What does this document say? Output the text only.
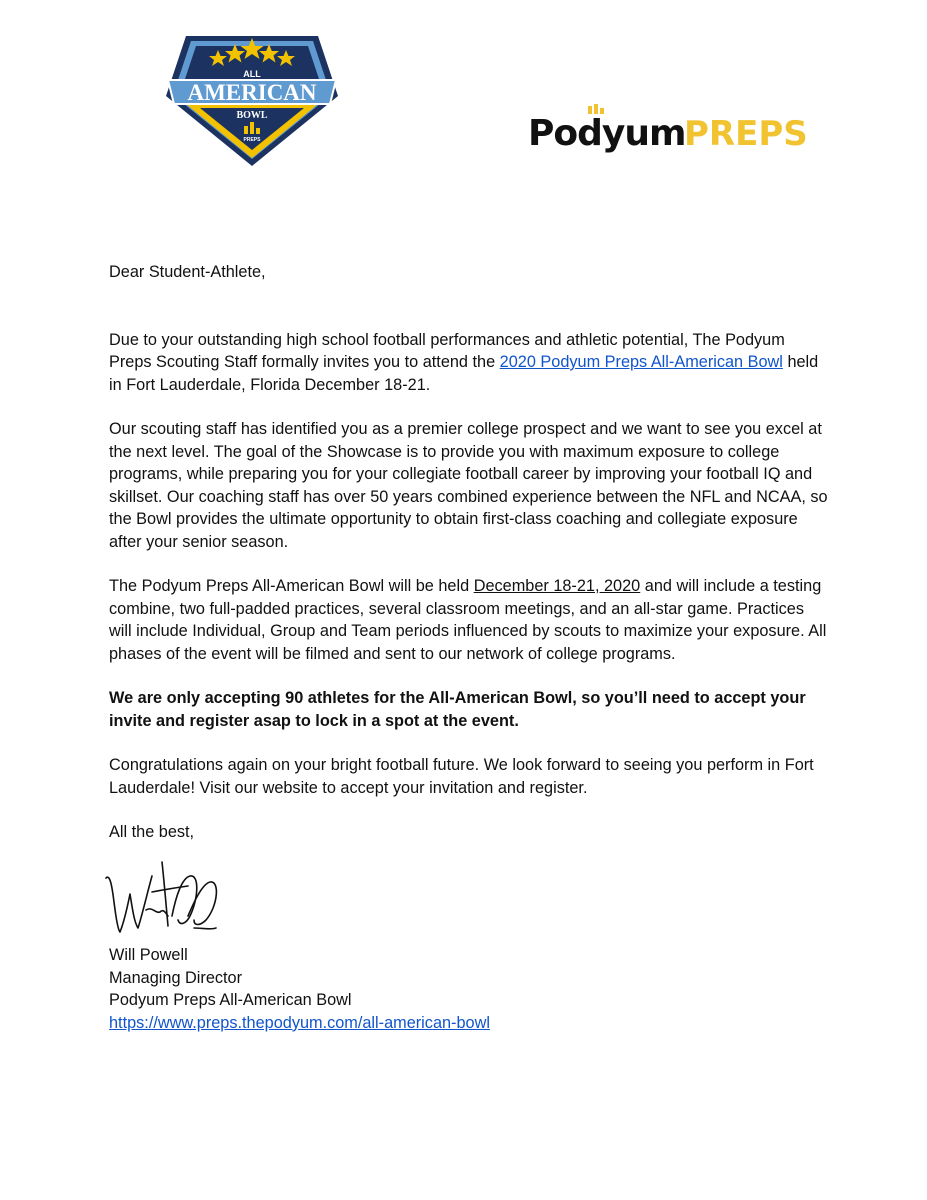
ALL
AMERICAN
BOWL
PREPS	Podyum
PREPS

Dear Student-Athlete,

Due to your outstanding high school football performances and athletic potential, The Podyum Preps Scouting Staff formally invites you to attend the 2020 Podyum Preps All-American Bowl held in Fort Lauderdale, Florida December 18-21.

Our scouting staff has identified you as a premier college prospect and we want to see you excel at the next level. The goal of the Showcase is to provide you with maximum exposure to college programs, while preparing you for your collegiate football career by improving your football IQ and skillset. Our coaching staff has over 50 years combined experience between the NFL and NCAA, so the Bowl provides the ultimate opportunity to obtain first-class coaching and collegiate exposure after your senior season.

The Podyum Preps All-American Bowl will be held December 18-21, 2020 and will include a testing combine, two full-padded practices, several classroom meetings, and an all-star game. Practices will include Individual, Group and Team periods influenced by scouts to maximize your exposure. All phases of the event will be filmed and sent to our network of college programs.

We are only accepting 90 athletes for the All-American Bowl, so you’ll need to accept your invite and register asap to lock in a spot at the event.

Congratulations again on your bright football future. We look forward to seeing you perform in Fort Lauderdale! Visit our website to accept your invitation and register.

All the best,

Will Powell
Managing Director
Podyum Preps All-American Bowl
https://www.preps.thepodyum.com/all-american-bowl
